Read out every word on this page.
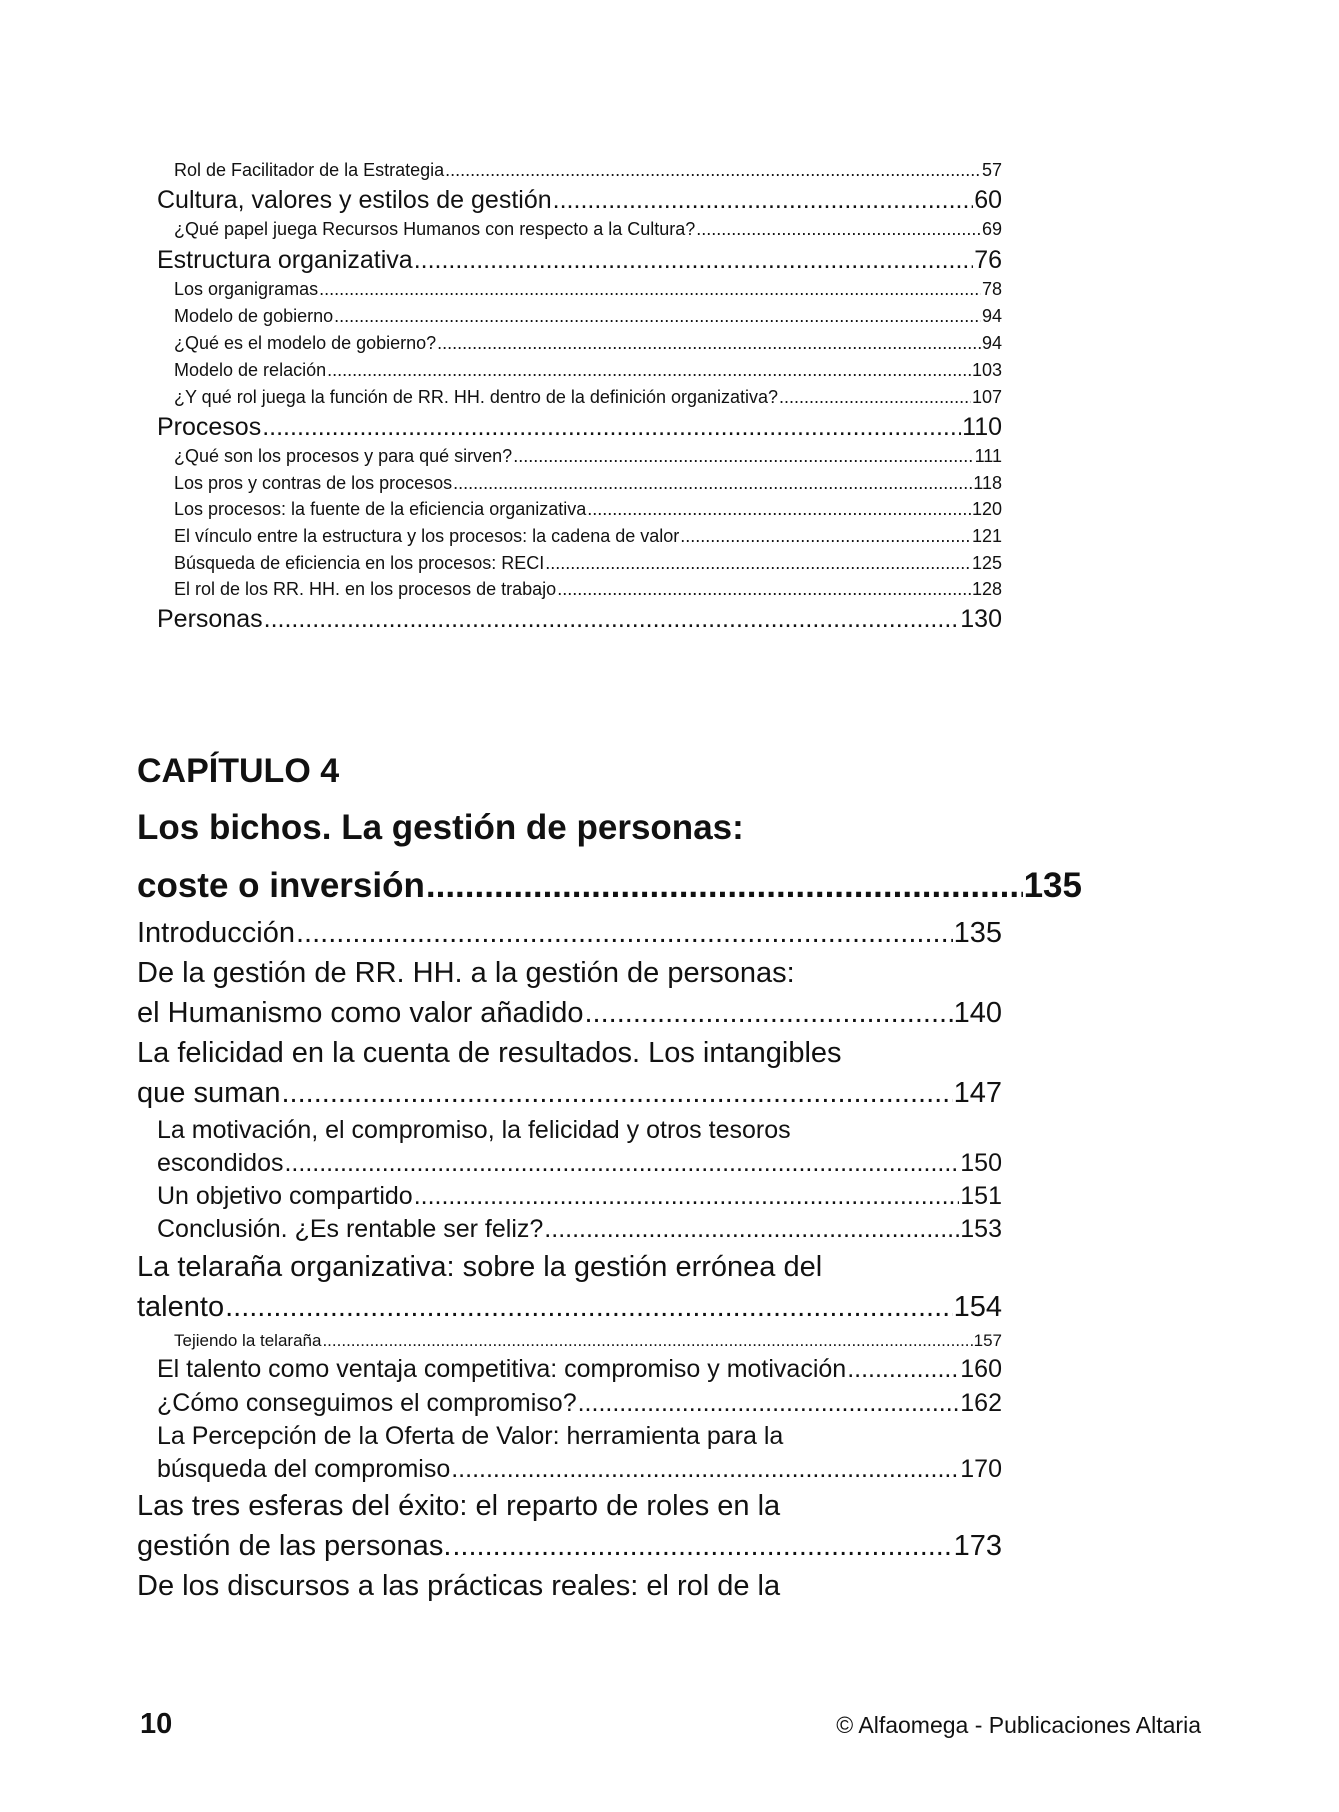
Rol de Facilitador de la Estrategia .....	57
Cultura, valores y estilos de gestión .....	60
¿Qué papel juega Recursos Humanos con respecto a la Cultura? .....	69
Estructura organizativa .....	76
Los organigramas .....	78
Modelo de gobierno .....	94
¿Qué es el modelo de gobierno? .....	94
Modelo de relación .....	103
¿Y qué rol juega la función de RR. HH. dentro de la definición organizativa? .....	107
Procesos .....	110
¿Qué son los procesos y para qué sirven? .....	111
Los pros y contras de los procesos .....	118
Los procesos: la fuente de la eficiencia organizativa .....	120
El vínculo entre la estructura y los procesos: la cadena de valor .....	121
Búsqueda de eficiencia en los procesos: RECI .....	125
El rol de los RR. HH. en los procesos de trabajo .....	128
Personas .....	130
CAPÍTULO 4
Los bichos. La gestión de personas:
coste o inversión .....	135
Introducción .....	135
De la gestión de RR. HH. a la gestión de personas:
el Humanismo como valor añadido .....	140
La felicidad en la cuenta de resultados. Los intangibles
que suman .....	147
La motivación, el compromiso, la felicidad y otros tesoros
escondidos .....	150
Un objetivo compartido .....	151
Conclusión. ¿Es rentable ser feliz? .....	153
La telaraña organizativa: sobre la gestión errónea del
talento .....	154
Tejiendo la telaraña .....	157
El talento como ventaja competitiva: compromiso y motivación .....	160
¿Cómo conseguimos el compromiso? .....	162
La Percepción de la Oferta de Valor: herramienta para la
búsqueda del compromiso .....	170
Las tres esferas del éxito: el reparto de roles en la
gestión de las personas. .....	173
De los discursos a las prácticas reales: el rol de la
10	© Alfaomega - Publicaciones Altaria
